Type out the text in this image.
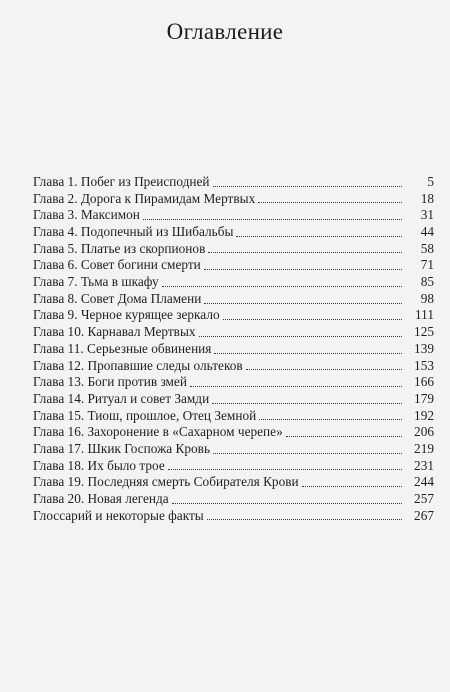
Оглавление
Глава 1. Побег из Преисподней	5
Глава 2. Дорога к Пирамидам Мертвых	18
Глава 3. Максимон	31
Глава 4. Подопечный из Шибальбы	44
Глава 5. Платье из скорпионов	58
Глава 6. Совет богини смерти	71
Глава 7. Тьма в шкафу	85
Глава 8. Совет Дома Пламени	98
Глава 9. Черное курящее зеркало	111
Глава 10. Карнавал Мертвых	125
Глава 11. Серьезные обвинения	139
Глава 12. Пропавшие следы ольтеков	153
Глава 13. Боги против змей	166
Глава 14. Ритуал и совет Замди	179
Глава 15. Тиош, прошлое, Отец Земной	192
Глава 16. Захоронение в «Сахарном черепе»	206
Глава 17. Шкик Госпожа Кровь	219
Глава 18. Их было трое	231
Глава 19. Последняя смерть Собирателя Крови	244
Глава 20. Новая легенда	257
Глоссарий и некоторые факты	267
